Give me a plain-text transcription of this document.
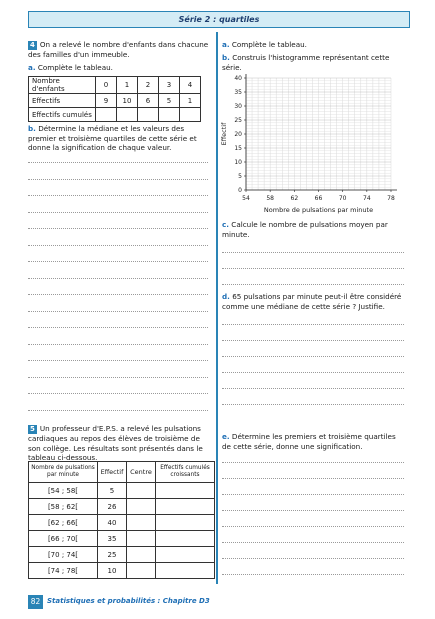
Série 2 : quartiles
4 On a relevé le nombre d'enfants dans chacune des familles d'un immeuble.
a. Complète le tableau.
Nombre d'enfants	0	1	2	3	4
Effectifs	9	10	6	5	1
Effectifs cumulés					
b. Détermine la médiane et les valeurs des premier et troisième quartiles de cette série et donne la signification de chaque valeur.
5 Un professeur d'E.P.S. a relevé les pulsations cardiaques au repos des élèves de troisième de son collège. Les résultats sont présentés dans le tableau ci-dessous.
Nombre de pulsations par minute	Effectif	Centre	Effectifs cumulés croissants
[54 ; 58[	5		
[58 ; 62[	26		
[62 ; 66[	40		
[66 ; 70[	35		
[70 ; 74[	25		
[74 ; 78[	10		
a. Complète le tableau.
b. Construis l'histogramme représentant cette série.
0
5
10
15
20
25
30
35
40
54	58	62	66	70	74	78
Nombre de pulsations par minute
Effectif
c. Calcule le nombre de pulsations moyen par minute.
d. 65 pulsations par minute peut-il être considéré comme une médiane de cette série ? Justifie.
e. Détermine les premiers et troisième quartiles de cette série, donne une signification.
82 Statistiques et probabilités : Chapitre D3
